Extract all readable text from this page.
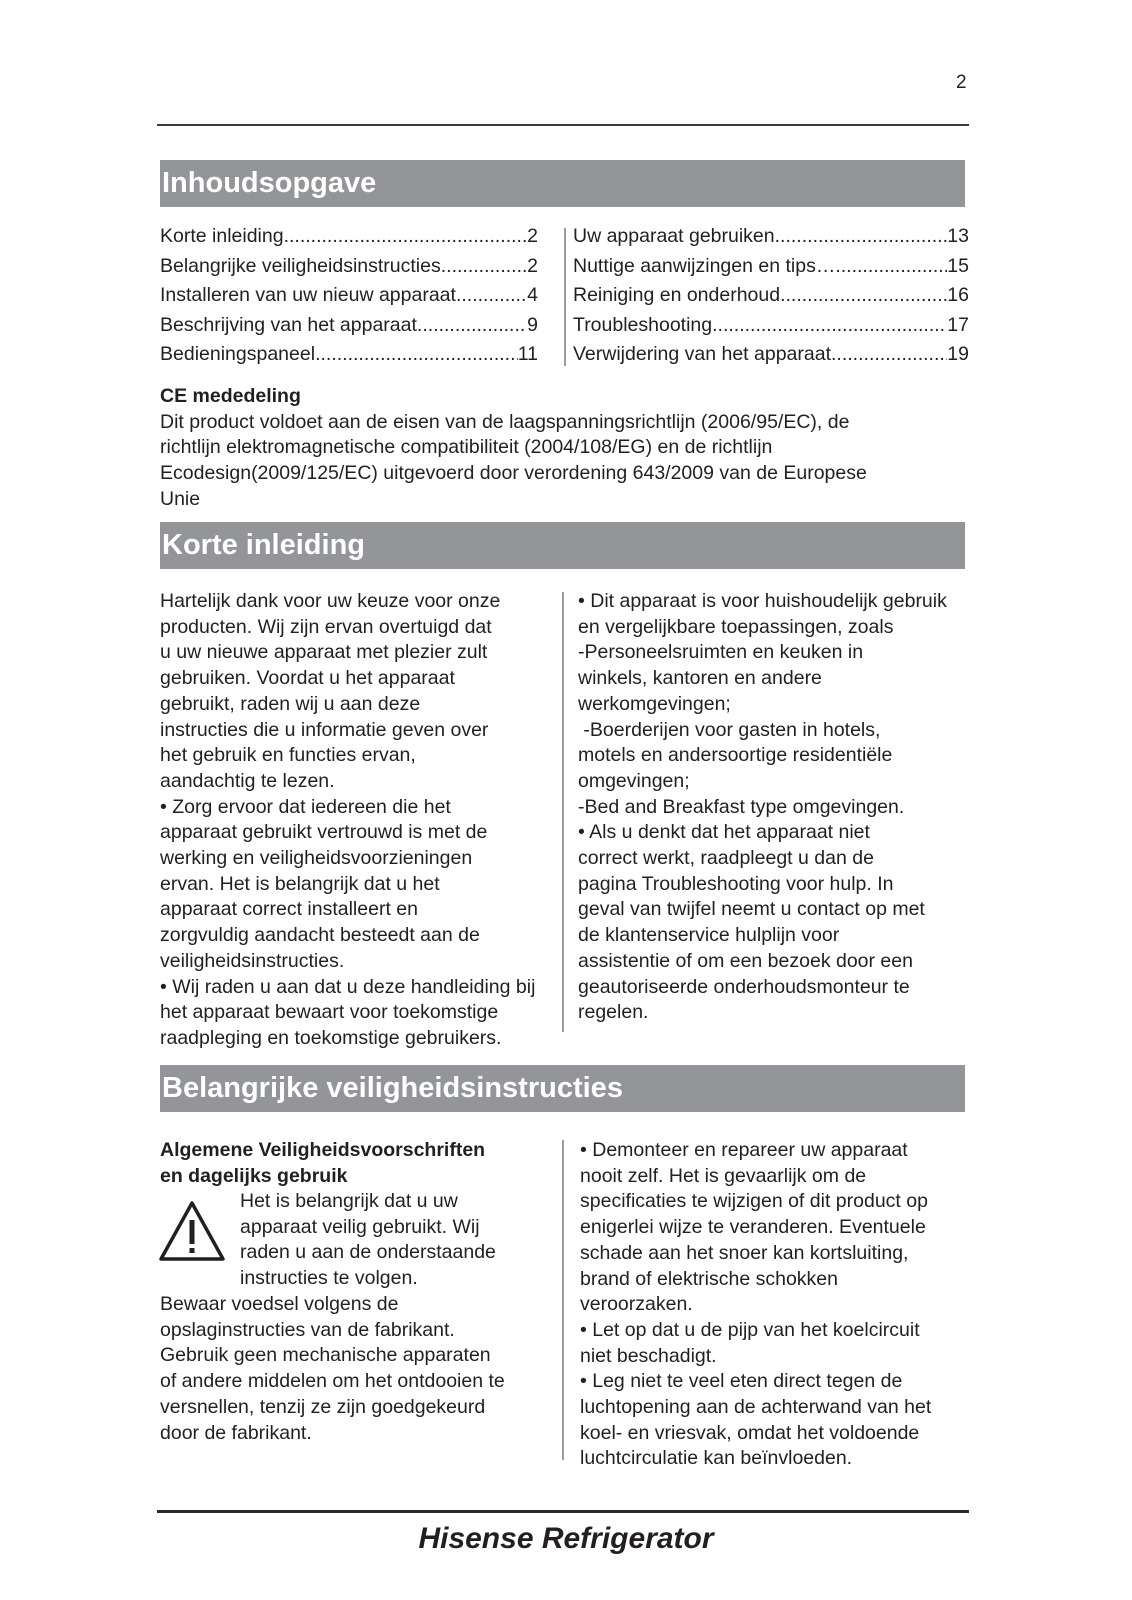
2
Inhoudsopgave
Korte inleiding .....	2
Belangrijke veiligheidsinstructies .....	2
Installeren van uw nieuw apparaat .....	4
Beschrijving van het apparaat .....	9
Bedieningspaneel .....	11
Uw apparaat gebruiken .....	13
Nuttige aanwijzingen en tips… .....	15
Reiniging en onderhoud .....	16
Troubleshooting .....	17
Verwijdering van het apparaat .....	19

CE mededeling

Dit product voldoet aan de eisen van de laagspanningsrichtlijn (2006/95/EC), de

richtlijn elektromagnetische compatibiliteit (2004/108/EG) en de richtlijn

Ecodesign(2009/125/EC) uitgevoerd door verordening 643/2009 van de Europese

Unie

Korte inleiding

Hartelijk dank voor uw keuze voor onze

producten. Wij zijn ervan overtuigd dat

u uw nieuwe apparaat met plezier zult

gebruiken. Voordat u het apparaat

gebruikt, raden wij u aan deze

instructies die u informatie geven over

het gebruik en functies ervan,

aandachtig te lezen.

• Zorg ervoor dat iedereen die het

apparaat gebruikt vertrouwd is met de

werking en veiligheidsvoorzieningen

ervan. Het is belangrijk dat u het

apparaat correct installeert en

zorgvuldig aandacht besteedt aan de

veiligheidsinstructies.

• Wij raden u aan dat u deze handleiding bij

het apparaat bewaart voor toekomstige

raadpleging en toekomstige gebruikers.

• Dit apparaat is voor huishoudelijk gebruik

en vergelijkbare toepassingen, zoals

-Personeelsruimten en keuken in

winkels, kantoren en andere

werkomgevingen;

-Boerderijen voor gasten in hotels,

motels en andersoortige residentiële

omgevingen;

-Bed and Breakfast type omgevingen.

• Als u denkt dat het apparaat niet

correct werkt, raadpleegt u dan de

pagina Troubleshooting voor hulp. In

geval van twijfel neemt u contact op met

de klantenservice hulplijn voor

assistentie of om een bezoek door een

geautoriseerde onderhoudsmonteur te

regelen.

Belangrijke veiligheidsinstructies

Algemene Veiligheidsvoorschriften

en dagelijks gebruik

Het is belangrijk dat u uw

apparaat veilig gebruikt. Wij

raden u aan de onderstaande

instructies te volgen.

Bewaar voedsel volgens de

opslaginstructies van de fabrikant.

Gebruik geen mechanische apparaten

of andere middelen om het ontdooien te

versnellen, tenzij ze zijn goedgekeurd

door de fabrikant.

• Demonteer en repareer uw apparaat

nooit zelf. Het is gevaarlijk om de

specificaties te wijzigen of dit product op

enigerlei wijze te veranderen. Eventuele

schade aan het snoer kan kortsluiting,

brand of elektrische schokken

veroorzaken.

• Let op dat u de pijp van het koelcircuit

niet beschadigt.

• Leg niet te veel eten direct tegen de

luchtopening aan de achterwand van het

koel- en vriesvak, omdat het voldoende

luchtcirculatie kan beïnvloeden.

Hisense Refrigerator
